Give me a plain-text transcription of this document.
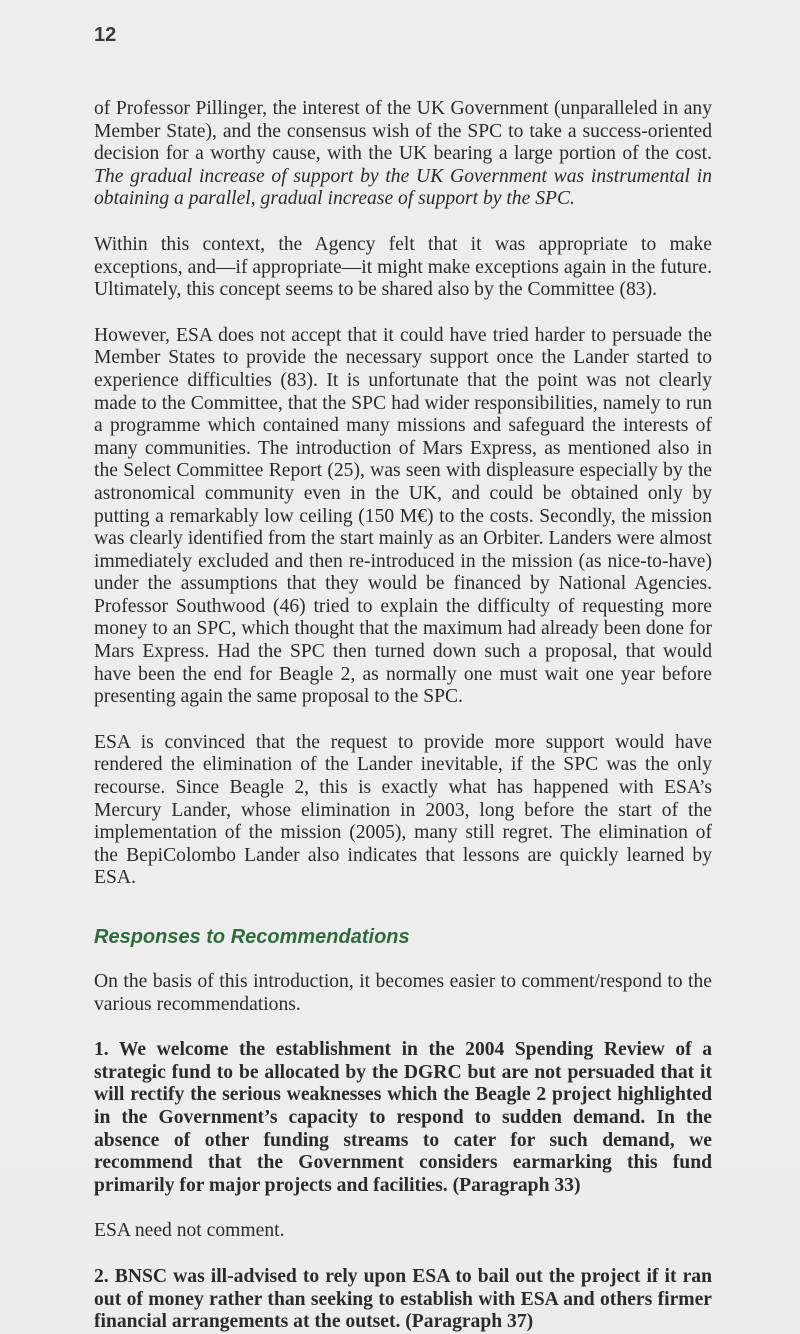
12

of Professor Pillinger, the interest of the UK Government (unparalleled in any Member State), and the consensus wish of the SPC to take a success-oriented decision for a worthy cause, with the UK bearing a large portion of the cost. The gradual increase of support by the UK Government was instrumental in obtaining a parallel, gradual increase of support by the SPC.

Within this context, the Agency felt that it was appropriate to make exceptions, and—if appropriate—it might make exceptions again in the future. Ultimately, this concept seems to be shared also by the Committee (83).

However, ESA does not accept that it could have tried harder to persuade the Member States to provide the necessary support once the Lander started to experience difficulties (83). It is unfortunate that the point was not clearly made to the Committee, that the SPC had wider responsibilities, namely to run a programme which contained many missions and safeguard the interests of many communities. The introduction of Mars Express, as mentioned also in the Select Committee Report (25), was seen with displeasure especially by the astronomical community even in the UK, and could be obtained only by putting a remarkably low ceiling (150 M€) to the costs. Secondly, the mission was clearly identified from the start mainly as an Orbiter. Landers were almost immediately excluded and then re-introduced in the mission (as nice-to-have) under the assumptions that they would be financed by National Agencies. Professor Southwood (46) tried to explain the difficulty of requesting more money to an SPC, which thought that the maximum had already been done for Mars Express. Had the SPC then turned down such a proposal, that would have been the end for Beagle 2, as normally one must wait one year before presenting again the same proposal to the SPC.

ESA is convinced that the request to provide more support would have rendered the elimination of the Lander inevitable, if the SPC was the only recourse. Since Beagle 2, this is exactly what has happened with ESA’s Mercury Lander, whose elimination in 2003, long before the start of the implementation of the mission (2005), many still regret. The elimination of the BepiColombo Lander also indicates that lessons are quickly learned by ESA.

Responses to Recommendations

On the basis of this introduction, it becomes easier to comment/respond to the various recommendations.

1. We welcome the establishment in the 2004 Spending Review of a strategic fund to be allocated by the DGRC but are not persuaded that it will rectify the serious weaknesses which the Beagle 2 project highlighted in the Government’s capacity to respond to sudden demand. In the absence of other funding streams to cater for such demand, we recommend that the Government considers earmarking this fund primarily for major projects and facilities. (Paragraph 33)

ESA need not comment.

2. BNSC was ill-advised to rely upon ESA to bail out the project if it ran out of money rather than seeking to establish with ESA and others firmer financial arrangements at the outset. (Paragraph 37)
